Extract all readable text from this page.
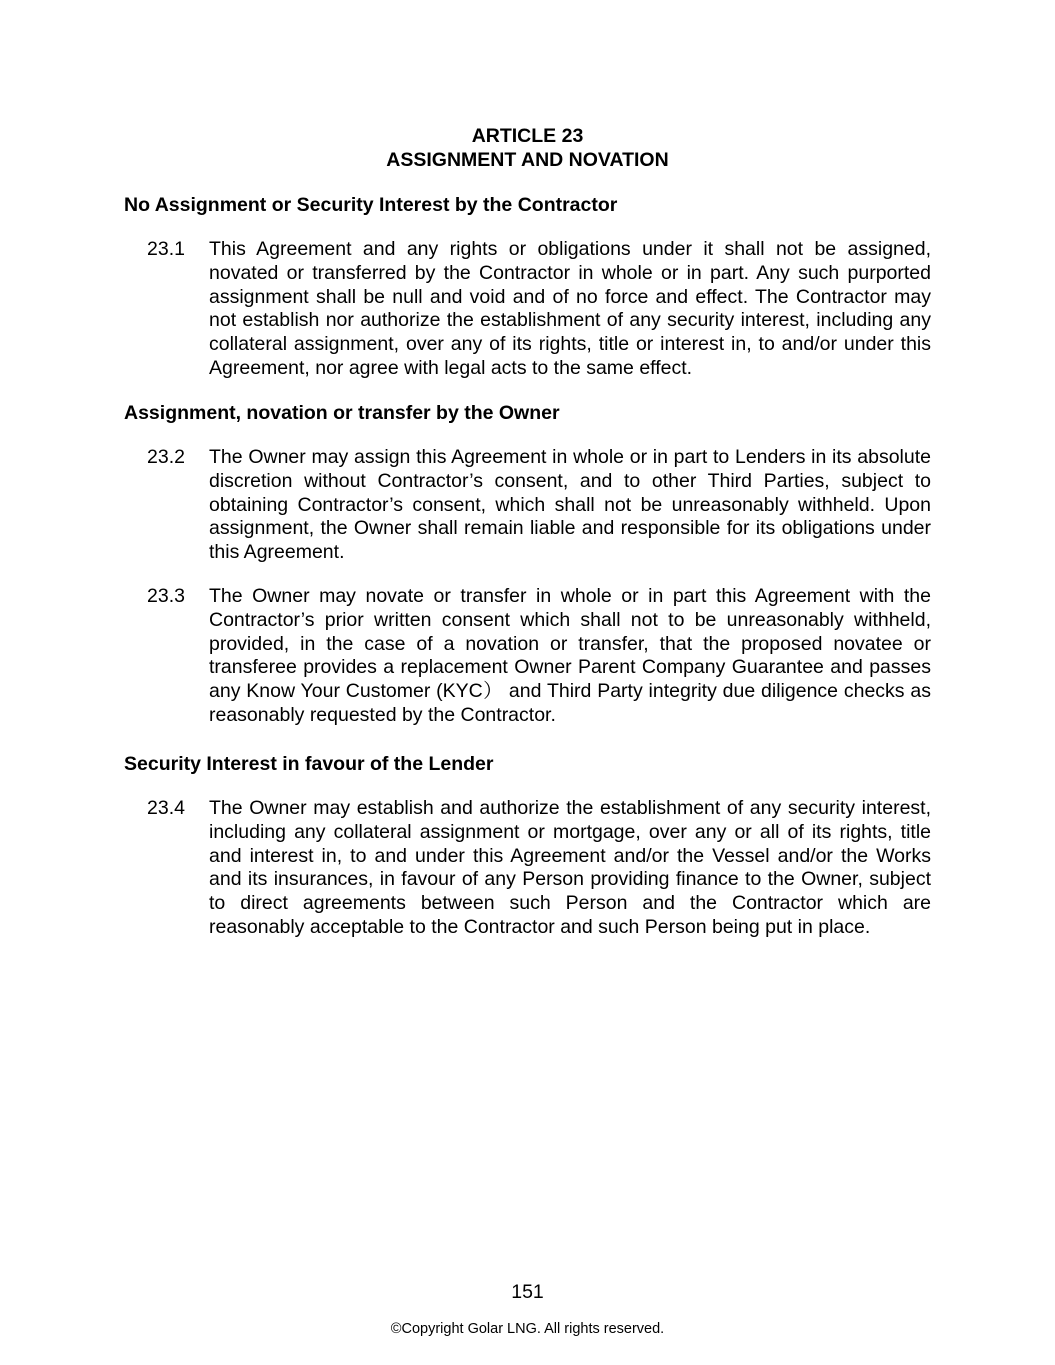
ARTICLE 23
ASSIGNMENT AND NOVATION
No Assignment or Security Interest by the Contractor
23.1	This Agreement and any rights or obligations under it shall not be assigned, novated or transferred by the Contractor in whole or in part. Any such purported assignment shall be null and void and of no force and effect. The Contractor may not establish nor authorize the establishment of any security interest, including any collateral assignment, over any of its rights, title or interest in, to and/or under this Agreement, nor agree with legal acts to the same effect.
Assignment, novation or transfer by the Owner
23.2	The Owner may assign this Agreement in whole or in part to Lenders in its absolute discretion without Contractor’s consent, and to other Third Parties, subject to obtaining Contractor’s consent, which shall not be unreasonably withheld. Upon assignment, the Owner shall remain liable and responsible for its obligations under this Agreement.
23.3	The Owner may novate or transfer in whole or in part this Agreement with the Contractor’s prior written consent which shall not to be unreasonably withheld, provided, in the case of a novation or transfer, that the proposed novatee or transferee provides a replacement Owner Parent Company Guarantee and passes any Know Your Customer (KYC） and Third Party integrity due diligence checks as reasonably requested by the Contractor.
Security Interest in favour of the Lender
23.4	The Owner may establish and authorize the establishment of any security interest, including any collateral assignment or mortgage, over any or all of its rights, title and interest in, to and under this Agreement and/or the Vessel and/or the Works and its insurances, in favour of any Person providing finance to the Owner, subject to direct agreements between such Person and the Contractor which are reasonably acceptable to the Contractor and such Person being put in place.
151
©Copyright Golar LNG. All rights reserved.
